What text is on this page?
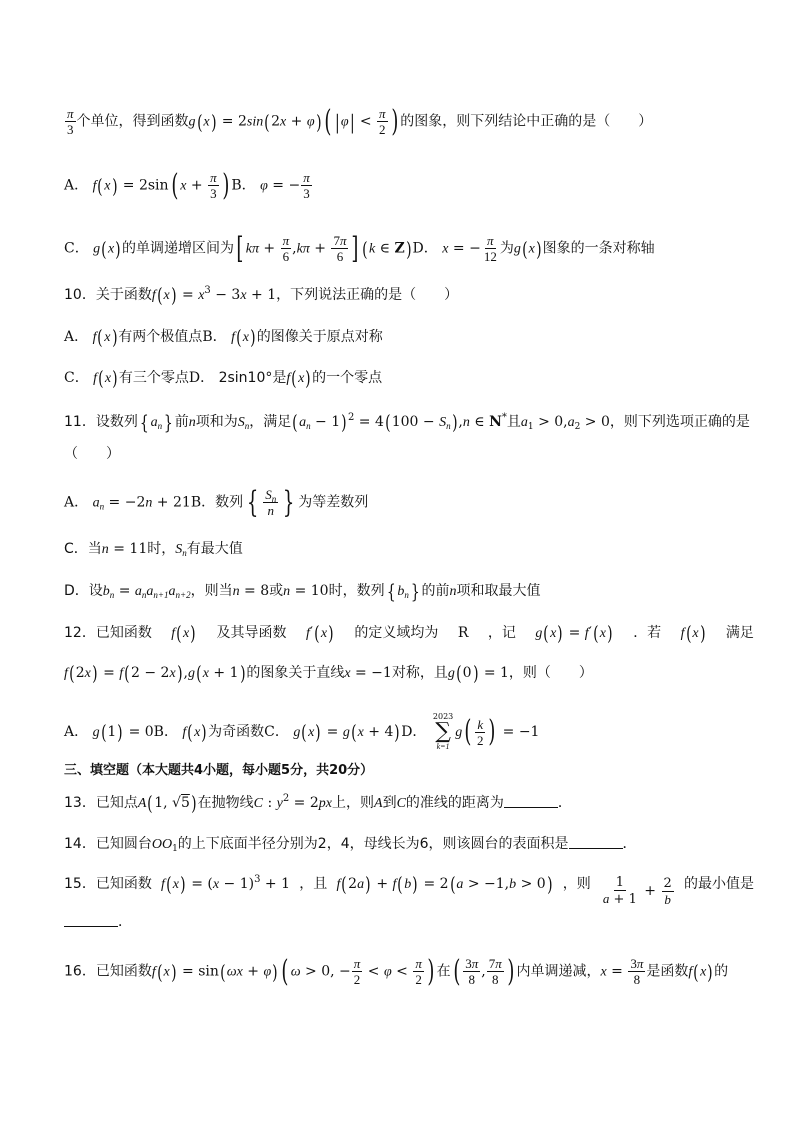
$\frac{\pi}{3}$ 个单位，得到函数g(x) = 2sin(2x + φ) ( $|\varphi| < \frac{\pi}{2}$ ) 的图象，则下列结论中正确的是（　　）
A． f(x) = 2sin( $x + \frac{\pi}{3}$ ) B． φ = − $\frac{\pi}{3}$
C． g(x)的单调递增区间为[ $k\pi + \frac{\pi}{6} ,k\pi + \frac{7\pi}{6}$ ] (k ∈ Z)D． x = − $\frac{\pi}{12}$ 为g(x)图象的一条对称轴
10．关于函数$f(x) = x^3 - 3x + 1$，下列说法正确的是（　　）
A． f(x)有两个极值点B． f(x)的图像关于原点对称
C． f(x)有三个零点D． 2sin10°是f(x)的一个零点
11．设数列{ $a_n$} 前n项和为$S_n$，满足$(a_n - 1)^2 = 4(100 - S_n),n$ ∈ N*且$a_1 > 0,a_2 > 0$，则下列选项正确的是
（　　）
A． $a_n = -2n + 21B$．数列 { $\frac{S_n}{n}$ } 为等差数列
C．当n = 11时，$S_n$有最大值
D．设$b_n = a_na_{n+1}a_{n+2}$，则当n = 8或n = 10时，数列{ $b_n$} 的前n项和取最大值
12．已知函数 f(x) 及其导函数 f′(x) 的定义域均为 R ，记 g(x) = f′(x) ．若 f(x) 满足
f(2x) = f(2 − 2x),g(x + 1)的图象关于直线x = −1对称，且g(0) = 1，则（　　）
A． g(1) = 0B． f(x)为奇函数C． g(x) = g(x + 4)D．
2023
∑
k=1
$g( \frac{k}{2}$ ) = −1
三、填空题（本大题共4小题，每小题5分，共20分）
13．已知点A(1, √5)在抛物线C : $y^2 = 2px$上，则A到C的准线的距离为	．
14．已知圆台$OO_1$的上下底面半径分别为2，4，母线长为6，则该圆台的表面积是	．
15．已知函数 $f(x) = (x - 1)^3 + 1$ ，且 f(2a) + f(b) = 2(a > −1,b > 0) ，则 $\frac{1}{a + 1} + \frac{2}{b}$ 的最小值是
．
16．已知函数f(x) = sin(ωx + φ) ( ω > 0, − $\frac{\pi}{2} < \varphi < \frac{\pi}{2}$ ) 在( $\frac{3\pi}{8}$ , $\frac{7\pi}{8}$ ) 内单调递减，$x = \frac{3\pi}{8}$ 是函数f(x)的
